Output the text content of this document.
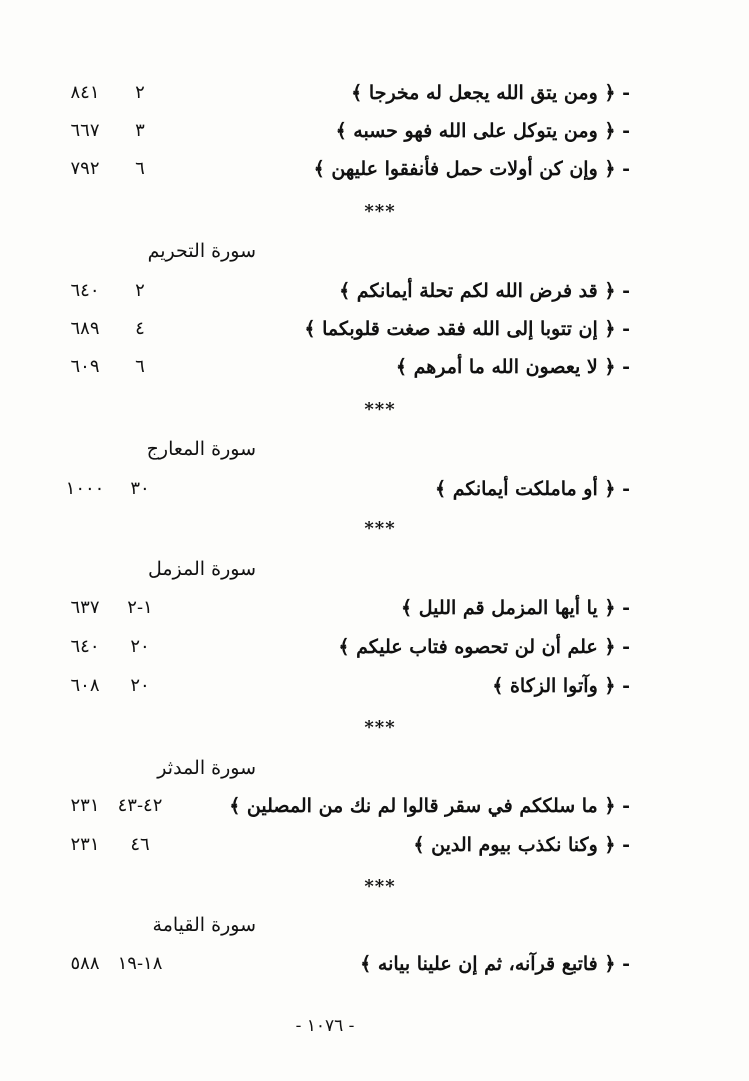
- ﴿ ومن يتق الله يجعل له مخرجا ﴾
٢
٨٤١
- ﴿ ومن يتوكل على الله فهو حسبه ﴾
٣
٦٦٧
- ﴿ وإن كن أولات حمل فأنفقوا عليهن ﴾
٦
٧٩٢
***
سورة التحريم
- ﴿ قد فرض الله لكم تحلة أيمانكم ﴾
٢
٦٤٠
- ﴿ إن تتوبا إلى الله فقد صغت قلوبكما ﴾
٤
٦٨٩
- ﴿ لا يعصون الله ما أمرهم ﴾
٦
٦٠٩
***
سورة المعارج
- ﴿ أو ماملكت أيمانكم ﴾
٣٠
١٠٠٠
***
سورة المزمل
- ﴿ يا أيها المزمل قم الليل ﴾
١-٢
٦٣٧
- ﴿ علم أن لن تحصوه فتاب عليكم ﴾
٢٠
٦٤٠
- ﴿ وآتوا الزكاة ﴾
٢٠
٦٠٨
***
سورة المدثر
- ﴿ ما سلككم في سقر قالوا لم نك من المصلين ﴾
٤٢-٤٣
٢٣١
- ﴿ وكنا نكذب بيوم الدين ﴾
٤٦
٢٣١
***
سورة القيامة
- ﴿ فاتبع قرآنه، ثم إن علينا بيانه ﴾
١٨-١٩
٥٨٨
- ١٠٧٦ -
